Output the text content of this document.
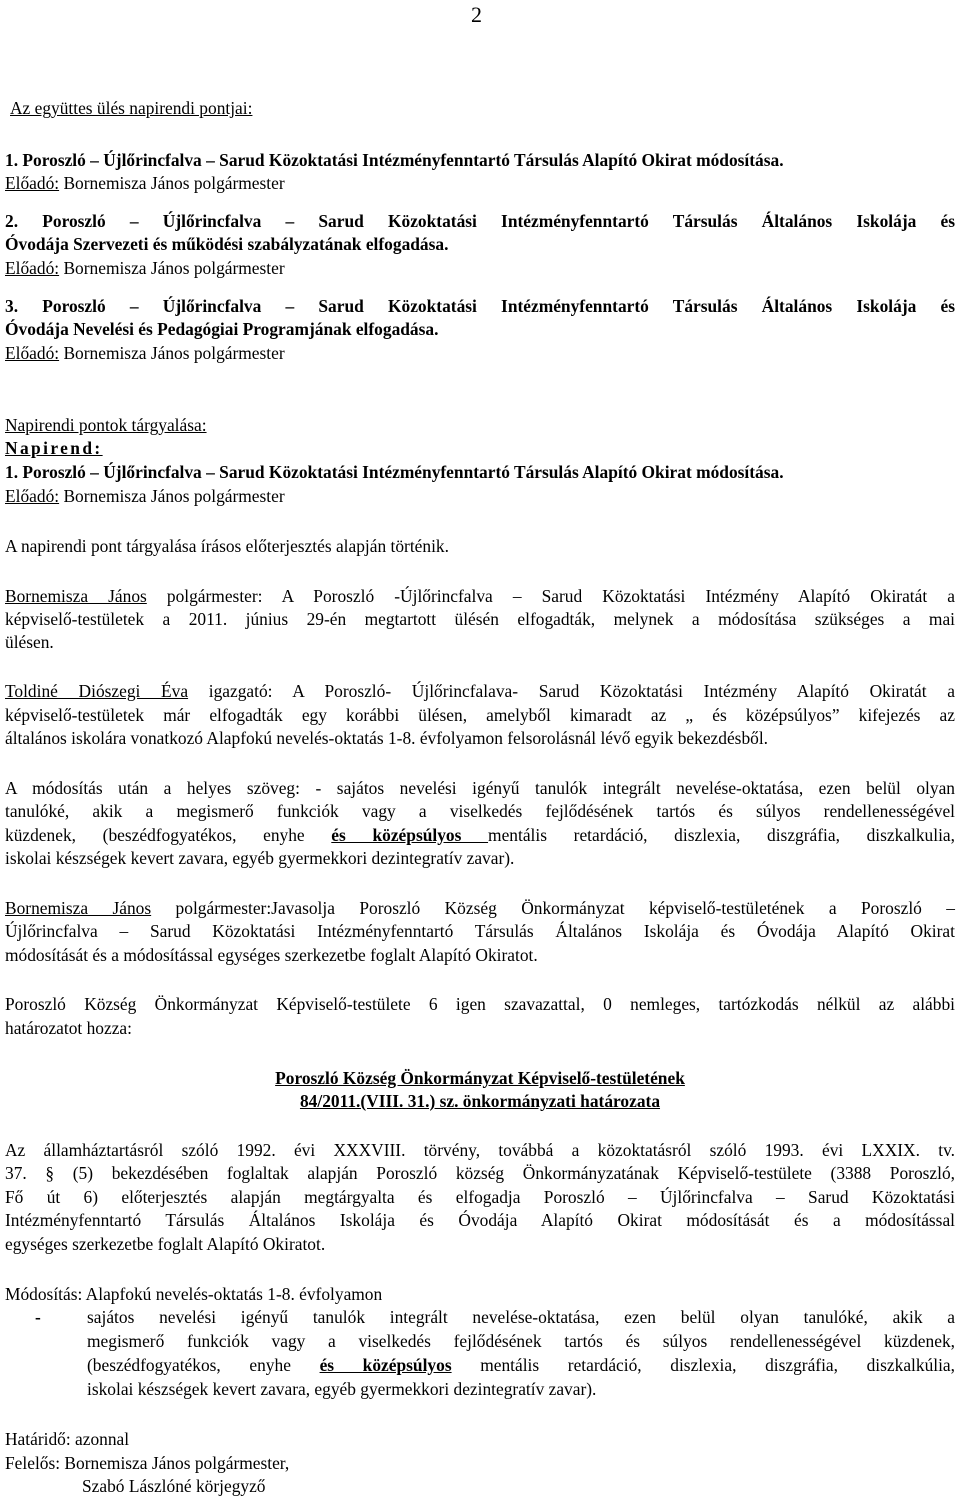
2
Az együttes ülés napirendi pontjai:
1. Poroszló – Újlőrincfalva – Sarud Közoktatási Intézményfenntartó Társulás Alapító Okirat módosítása.
Előadó: Bornemisza János polgármester
2. Poroszló – Újlőrincfalva – Sarud Közoktatási Intézményfenntartó Társulás Általános Iskolája és
Óvodája Szervezeti és működési szabályzatának elfogadása.
Előadó: Bornemisza János polgármester
3. Poroszló – Újlőrincfalva – Sarud Közoktatási Intézményfenntartó Társulás Általános Iskolája és
Óvodája Nevelési és Pedagógiai Programjának elfogadása.
Előadó: Bornemisza János polgármester
Napirendi pontok tárgyalása:
Napirend:
1. Poroszló – Újlőrincfalva – Sarud Közoktatási Intézményfenntartó Társulás Alapító Okirat módosítása.
Előadó: Bornemisza János polgármester
A napirendi pont tárgyalása írásos előterjesztés alapján történik.
Bornemisza János polgármester: A Poroszló -Újlőrincfalva – Sarud Közoktatási Intézmény Alapító Okiratát a
képviselő-testületek a 2011. június 29-én megtartott ülésén elfogadták, melynek a módosítása szükséges a mai
ülésen.
Toldiné Diószegi Éva igazgató: A Poroszló- Újlőrincfalava- Sarud Közoktatási Intézmény Alapító Okiratát a
képviselő-testületek már elfogadták egy korábbi ülésen, amelyből kimaradt az „ és középsúlyos” kifejezés az
általános iskolára vonatkozó Alapfokú nevelés-oktatás 1-8. évfolyamon felsorolásnál lévő egyik bekezdésből.
A módosítás után a helyes szöveg: - sajátos nevelési igényű tanulók integrált nevelése-oktatása, ezen belül olyan
tanulóké, akik a megismerő funkciók vagy a viselkedés fejlődésének tartós és súlyos rendellenességével
küzdenek, (beszédfogyatékos, enyhe és középsúlyos mentális retardáció, diszlexia, diszgráfia, diszkalkulia,
iskolai készségek kevert zavara, egyéb gyermekkori dezintegratív zavar).
Bornemisza János polgármester:Javasolja Poroszló Község Önkormányzat képviselő-testületének a Poroszló –
Újlőrincfalva – Sarud Közoktatási Intézményfenntartó Társulás Általános Iskolája és Óvodája Alapító Okirat
módosítását és a módosítással egységes szerkezetbe foglalt Alapító Okiratot.
Poroszló Község Önkormányzat Képviselő-testülete 6 igen szavazattal, 0 nemleges, tartózkodás nélkül az alábbi
határozatot hozza:
Poroszló Község Önkormányzat Képviselő-testületének
84/2011.(VIII. 31.) sz. önkormányzati határozata
Az államháztartásról szóló 1992. évi XXXVIII. törvény, továbbá a közoktatásról szóló 1993. évi LXXIX. tv.
37. § (5) bekezdésében foglaltak alapján Poroszló község Önkormányzatának Képviselő-testülete (3388 Poroszló,
Fő út 6) előterjesztés alapján megtárgyalta és elfogadja Poroszló – Újlőrincfalva – Sarud Közoktatási
Intézményfenntartó Társulás Általános Iskolája és Óvodája Alapító Okirat módosítását és a módosítással
egységes szerkezetbe foglalt Alapító Okiratot.
Módosítás: Alapfokú nevelés-oktatás 1-8. évfolyamon
-	sajátos nevelési igényű tanulók integrált nevelése-oktatása, ezen belül olyan tanulóké, akik a
megismerő funkciók vagy a viselkedés fejlődésének tartós és súlyos rendellenességével küzdenek,
(beszédfogyatékos, enyhe és középsúlyos mentális retardáció, diszlexia, diszgráfia, diszkalkúlia,
iskolai készségek kevert zavara, egyéb gyermekkori dezintegratív zavar).
Határidő: azonnal
Felelős: Bornemisza János polgármester,
Szabó Lászlóné körjegyző
